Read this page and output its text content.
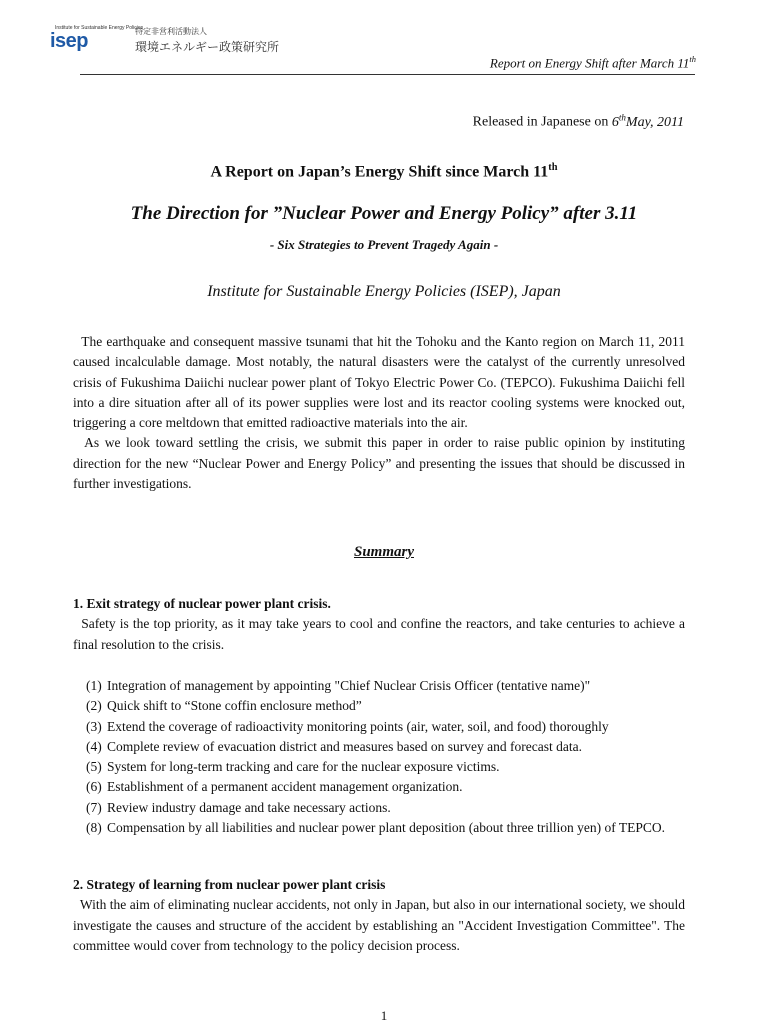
Institute for Sustainable Energy Policies
isep	特定非営利活動法人
環境エネルギー政策研究所
Report on Energy Shift after March 11th
Released in Japanese on 6thMay, 2011
A Report on Japan’s Energy Shift since March 11th
The Direction for ”Nuclear Power and Energy Policy” after 3.11
- Six Strategies to Prevent Tragedy Again -
Institute for Sustainable Energy Policies (ISEP), Japan

The earthquake and consequent massive tsunami that hit the Tohoku and the Kanto region on March 11, 2011 caused incalculable damage. Most notably, the natural disasters were the catalyst of the currently unresolved crisis of Fukushima Daiichi nuclear power plant of Tokyo Electric Power Co. (TEPCO). Fukushima Daiichi fell into a dire situation after all of its power supplies were lost and its reactor cooling systems were knocked out, triggering a core meltdown that emitted radioactive materials into the air.

As we look toward settling the crisis, we submit this paper in order to raise public opinion by instituting direction for the new “Nuclear Power and Energy Policy” and presenting the issues that should be discussed in further investigations.

Summary

1. Exit strategy of nuclear power plant crisis.

Safety is the top priority, as it may take years to cool and confine the reactors, and take centuries to achieve a final resolution to the crisis.

(1) Integration of management by appointing "Chief Nuclear Crisis Officer (tentative name)"
(2) Quick shift to “Stone coffin enclosure method”
(3) Extend the coverage of radioactivity monitoring points (air, water, soil, and food) thoroughly
(4) Complete review of evacuation district and measures based on survey and forecast data.
(5) System for long-term tracking and care for the nuclear exposure victims.
(6) Establishment of a permanent accident management organization.
(7) Review industry damage and take necessary actions.
(8) Compensation by all liabilities and nuclear power plant deposition (about three trillion yen) of TEPCO.

2. Strategy of learning from nuclear power plant crisis

With the aim of eliminating nuclear accidents, not only in Japan, but also in our international society, we should investigate the causes and structure of the accident by establishing an "Accident Investigation Committee". The committee would cover from technology to the policy decision process.

1
